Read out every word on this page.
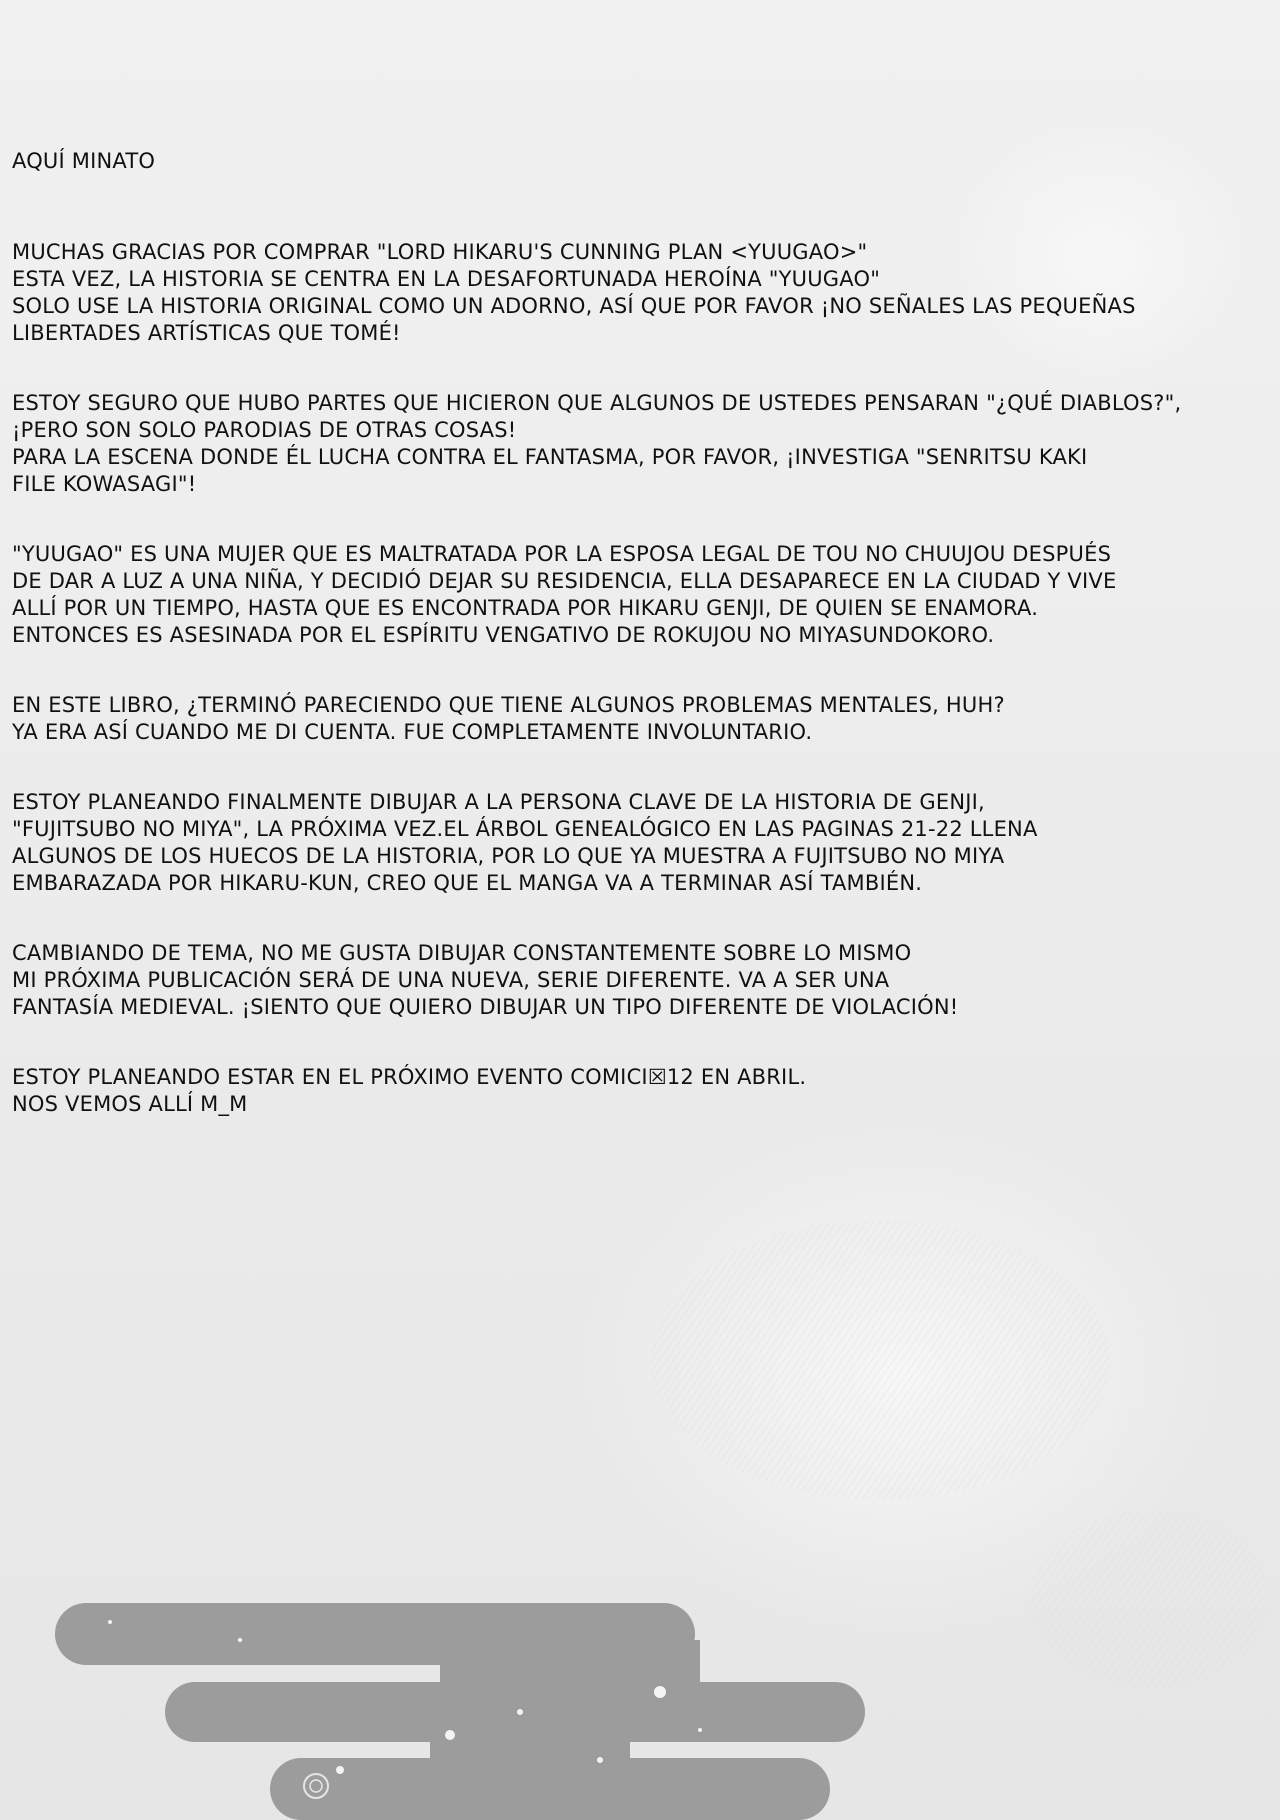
AQUÍ MINATO
MUCHAS GRACIAS POR COMPRAR "LORD HIKARU'S CUNNING PLAN <YUUGAO>"
ESTA VEZ, LA HISTORIA SE CENTRA EN LA DESAFORTUNADA HEROÍNA "YUUGAO"
SOLO USE LA HISTORIA ORIGINAL COMO UN ADORNO, ASÍ QUE POR FAVOR ¡NO SEÑALES LAS PEQUEÑAS
LIBERTADES ARTÍSTICAS QUE TOMÉ!
ESTOY SEGURO QUE HUBO PARTES QUE HICIERON QUE ALGUNOS DE USTEDES PENSARAN "¿QUÉ DIABLOS?",
¡PERO SON SOLO PARODIAS DE OTRAS COSAS!
PARA LA ESCENA DONDE ÉL LUCHA CONTRA EL FANTASMA, POR FAVOR, ¡INVESTIGA "SENRITSU KAKI
FILE KOWASAGI"!
"YUUGAO" ES UNA MUJER QUE ES MALTRATADA POR LA ESPOSA LEGAL DE TOU NO CHUUJOU DESPUÉS
DE DAR A LUZ A UNA NIÑA, Y DECIDIÓ DEJAR SU RESIDENCIA, ELLA DESAPARECE EN LA CIUDAD Y VIVE
ALLÍ POR UN TIEMPO, HASTA QUE ES ENCONTRADA POR HIKARU GENJI, DE QUIEN SE ENAMORA.
ENTONCES ES ASESINADA POR EL ESPÍRITU VENGATIVO DE ROKUJOU NO MIYASUNDOKORO.
EN ESTE LIBRO, ¿TERMINÓ PARECIENDO QUE TIENE ALGUNOS PROBLEMAS MENTALES, HUH?
YA ERA ASÍ CUANDO ME DI CUENTA. FUE COMPLETAMENTE INVOLUNTARIO.
ESTOY PLANEANDO FINALMENTE DIBUJAR A LA PERSONA CLAVE DE LA HISTORIA DE GENJI,
"FUJITSUBO NO MIYA", LA PRÓXIMA VEZ.EL ÁRBOL GENEALÓGICO EN LAS PAGINAS 21-22 LLENA
ALGUNOS DE LOS HUECOS DE LA HISTORIA, POR LO QUE YA MUESTRA A FUJITSUBO NO MIYA
EMBARAZADA POR HIKARU-KUN, CREO QUE EL MANGA VA A TERMINAR ASÍ TAMBIÉN.
CAMBIANDO DE TEMA, NO ME GUSTA DIBUJAR CONSTANTEMENTE SOBRE LO MISMO
MI PRÓXIMA PUBLICACIÓN SERÁ DE UNA NUEVA, SERIE DIFERENTE. VA A SER UNA
FANTASÍA MEDIEVAL. ¡SIENTO QUE QUIERO DIBUJAR UN TIPO DIFERENTE DE VIOLACIÓN!
ESTOY PLANEANDO ESTAR EN EL PRÓXIMO EVENTO COMICI☒12 EN ABRIL.
NOS VEMOS ALLÍ M_M
